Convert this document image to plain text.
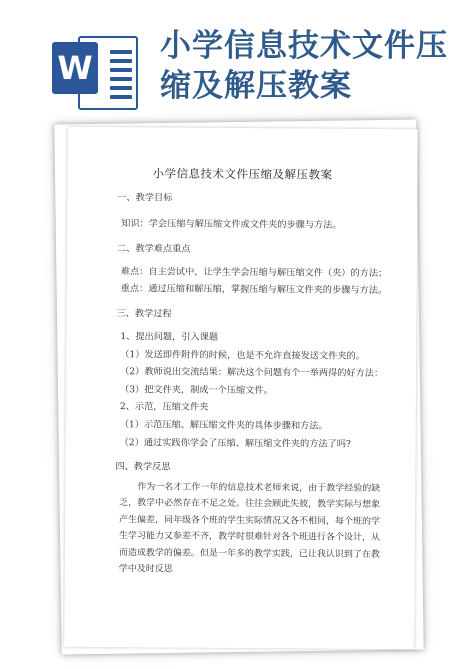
W
小学信息技术文件压缩及解压教案
小学信息技术文件压缩及解压教案
一、教学目标
知识：学会压缩与解压缩文件或文件夹的步骤与方法。
二、教学难点重点
难点：自主尝试中，让学生学会压缩与解压缩文件（夹）的方法；
重点：通过压缩和解压缩，掌握压缩与解压文件夹的步骤与方法。
三、教学过程
1、提出问题，引入课题
（1）发送即件附件的时候，也是不允许直接发送文件夹的。
（2）教师说出交流结果：解决这个问题有个一举两得的好方法：
（3）把文件夹，制成一个压缩文件。
2、示范，压缩文件夹
（1）示范压缩、解压缩文件夹的具体步骤和方法。
（2）通过实践你学会了压缩、解压缩文件夹的方法了吗?
四、教学反思
作为一名才工作一年的信息技术老师来说，由于教学经验的缺乏，教学中必然存在不足之处。往往会顾此失彼，教学实际与想象产生偏差，同年级各个班的学生实际情况又各不相同，每个班的学生学习能力又参差不齐，教学时很难针对各个班进行各个设计，从而造成教学的偏差。但是一年多的教学实践，已让我认识到了在教学中及时反思
